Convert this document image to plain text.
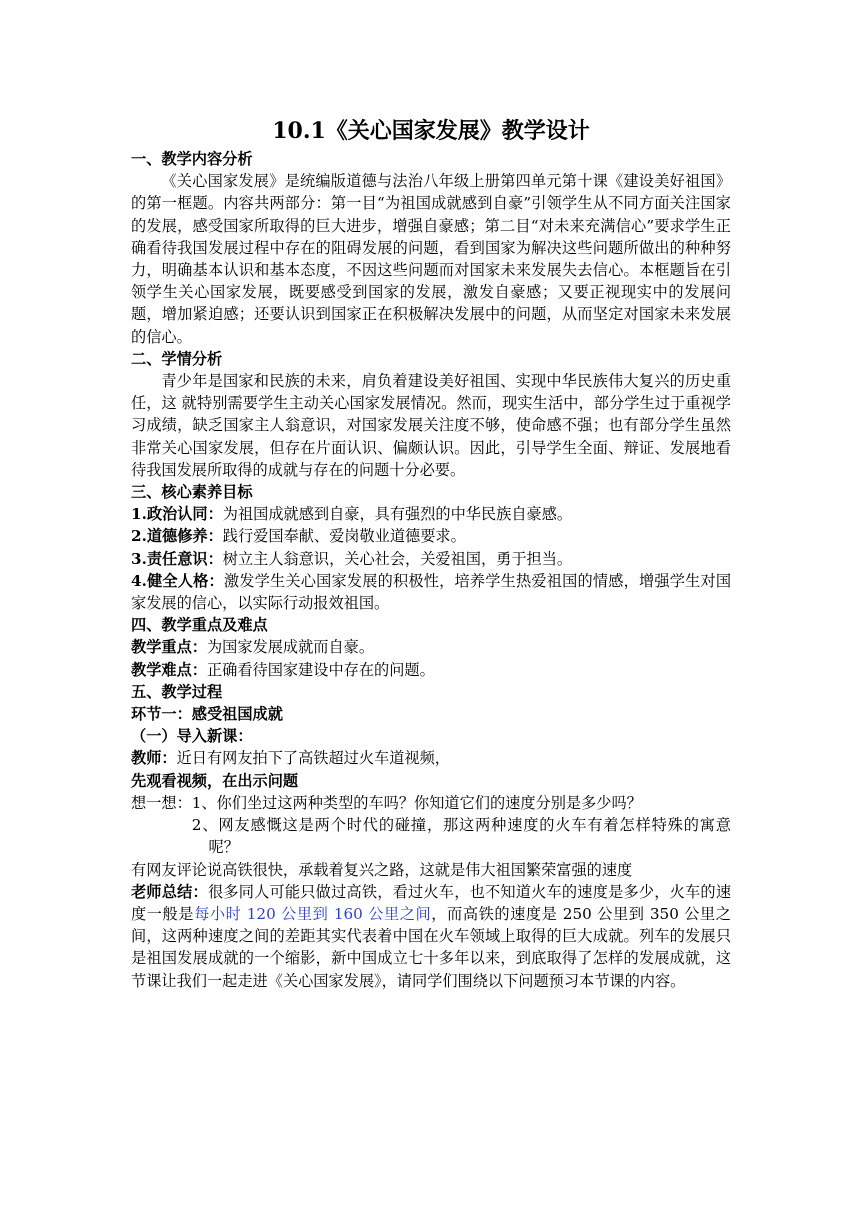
10.1《关心国家发展》教学设计
一、教学内容分析

《关心国家发展》是统编版道德与法治八年级上册第四单元第十课《建设美好祖国》的第一框题。内容共两部分：第一目“为祖国成就感到自豪”引领学生从不同方面关注国家的发展，感受国家所取得的巨大进步，增强自豪感；第二目“对未来充满信心”要求学生正确看待我国发展过程中存在的阻碍发展的问题，看到国家为解决这些问题所做出的种种努力，明确基本认识和基本态度，不因这些问题而对国家未来发展失去信心。本框题旨在引领学生关心国家发展，既要感受到国家的发展，激发自豪感；又要正视现实中的发展问题，增加紧迫感；还要认识到国家正在积极解决发展中的问题，从而坚定对国家未来发展的信心。

二、学情分析

青少年是国家和民族的未来，肩负着建设美好祖国、实现中华民族伟大复兴的历史重任，这 就特别需要学生主动关心国家发展情况。然而，现实生活中，部分学生过于重视学习成绩，缺乏国家主人翁意识，对国家发展关注度不够，使命感不强；也有部分学生虽然非常关心国家发展，但存在片面认识、偏颇认识。因此，引导学生全面、辩证、发展地看待我国发展所取得的成就与存在的问题十分必要。

三、核心素养目标

1.政治认同：为祖国成就感到自豪，具有强烈的中华民族自豪感。

2.道德修养：践行爱国奉献、爱岗敬业道德要求。

3.责任意识：树立主人翁意识，关心社会，关爱祖国，勇于担当。

4.健全人格：激发学生关心国家发展的积极性，培养学生热爱祖国的情感，增强学生对国家发展的信心，以实际行动报效祖国。

四、教学重点及难点

教学重点：为国家发展成就而自豪。

教学难点：正确看待国家建设中存在的问题。

五、教学过程
环节一：感受祖国成就
（一）导入新课：

教师：近日有网友拍下了高铁超过火车道视频，

先观看视频，在出示问题

想一想：1、你们坐过这两种类型的车吗？你知道它们的速度分别是多少吗？

2、网友感慨这是两个时代的碰撞，那这两种速度的火车有着怎样特殊的寓意呢？

有网友评论说高铁很快，承载着复兴之路，这就是伟大祖国繁荣富强的速度

老师总结：很多同人可能只做过高铁，看过火车，也不知道火车的速度是多少，火车的速度一般是每小时 120 公里到 160 公里之间，而高铁的速度是 250 公里到 350 公里之间，这两种速度之间的差距其实代表着中国在火车领域上取得的巨大成就。列车的发展只是祖国发展成就的一个缩影，新中国成立七十多年以来，到底取得了怎样的发展成就，这节课让我们一起走进《关心国家发展》，请同学们围绕以下问题预习本节课的内容。
